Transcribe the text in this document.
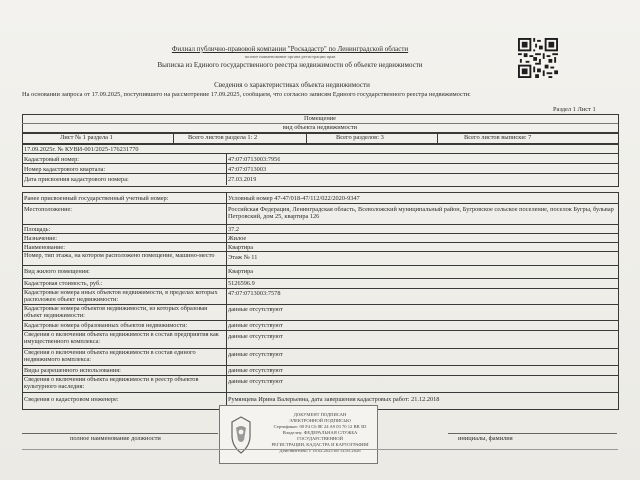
Филиал публично-правовой компании "Роскадастр" по Ленинградской области
полное наименование органа регистрации прав
Выписка из Единого государственного реестра недвижимости об объекте недвижимости
Сведения о характеристиках объекта недвижимости
На основании запроса от 17.09.2025, поступившего на рассмотрение 17.09.2025, сообщаем, что согласно записям Единого государственного реестра недвижимости:
Раздел 1 Лист 1
Помещение
вид объекта недвижимости
Лист № 1 раздела 1	Всего листов раздела 1: 2	Всего разделов: 3	Всего листов выписки: 7
17.09.2025г. № КУВИ-001/2025-176231770
Кадастровый номер:	47:07:0713003:7956
Номер кадастрового квартала:	47:07:0713003
Дата присвоения кадастрового номера:	27.03.2019
Ранее присвоенный государственный учетный номер:	Условный номер 47-47/018-47/112/022/2020-9347
Местоположение:	Российская Федерация, Ленинградская область, Всеволожский муниципальный район, Бугровское сельское поселение, поселок Бугры, бульвар Петровский, дом 25, квартира 126
Площадь:	37.2
Назначение:	Жилое
Наименование:	Квартира
Номер, тип этажа, на котором расположено помещение, машино-место	Этаж № 11
Вид жилого помещения:	Квартира
Кадастровая стоимость, руб.:	5126596.9
Кадастровые номера иных объектов недвижимости, в пределах которых расположен объект недвижимости:
47:07:0713003:7578
Кадастровые номера объектов недвижимости, из которых образован объект недвижимости:
данные отсутствуют
Кадастровые номера образованных объектов недвижимости:	данные отсутствуют
Сведения о включении объекта недвижимости в состав предприятия как имущественного комплекса:
данные отсутствуют
Сведения о включении объекта недвижимости в состав единого недвижимого комплекса:
данные отсутствуют
Виды разрешенного использования:	данные отсутствуют
Сведения о включении объекта недвижимости в реестр объектов культурного наследия:
данные отсутствуют
Сведения о кадастровом инженере:	Румянцева Ирина Валерьевна, дата завершения кадастровых работ: 21.12.2018
ДОКУМЕНТ ПОДПИСАН
ЭЛЕКТРОННОЙ ПОДПИСЬЮ
Сертификат: 00 F4 C6 8E 24 A9 03 70 12 BB 5D
Владелец: ФЕДЕРАЛЬНАЯ СЛУЖБА ГОСУДАРСТВЕННОЙ
РЕГИСТРАЦИИ, КАДАСТРА И КАРТОГРАФИИ
Действителен: с 18.02.2025 по 14.05.2026
полное наименование должности	инициалы, фамилия
